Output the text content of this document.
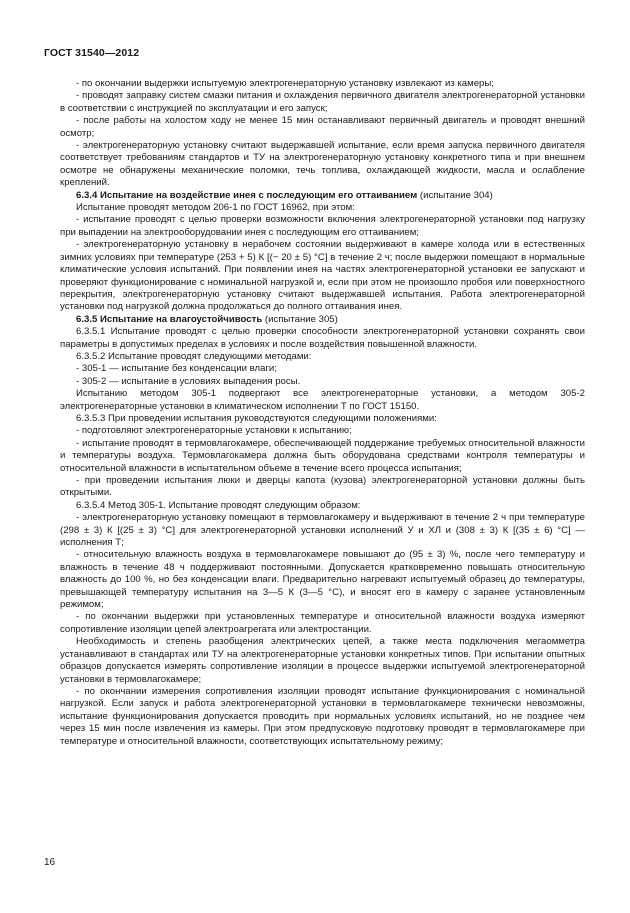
ГОСТ 31540—2012

- по окончании выдержки испытуемую электрогенераторную установку извлекают из камеры;

- проводят заправку систем смазки питания и охлаждения первичного двигателя электрогенераторной установки в соответствии с инструкцией по эксплуатации и его запуск;

- после работы на холостом ходу не менее 15 мин останавливают первичный двигатель и проводят внешний осмотр;

- электрогенераторную установку считают выдержавшей испытание, если время запуска первичного двигателя соответствует требованиям стандартов и ТУ на электрогенераторную установку конкретного типа и при внешнем осмотре не обнаружены механические поломки, течь топлива, охлаждающей жидкости, масла и ослабление креплений.

6.3.4 Испытание на воздействие инея с последующим его оттаиванием (испытание 304)

Испытание проводят методом 206-1 по ГОСТ 16962, при этом:

- испытание проводят с целью проверки возможности включения электрогенераторной установки под нагрузку при выпадении на электрооборудовании инея с последующим его оттаиванием;

- электрогенераторную установку в нерабочем состоянии выдерживают в камере холода или в естественных зимних условиях при температуре (253 + 5) К [(− 20 ± 5) °С] в течение 2 ч; после выдержки помещают в нормальные климатические условия испытаний. При появлении инея на частях электрогенераторной установки ее запускают и проверяют функционирование с номинальной нагрузкой и, если при этом не произошло пробоя или поверхностного перекрытия, электрогенераторную установку считают выдержавшей испытания. Работа электрогенераторной установки под нагрузкой должна продолжаться до полного оттаивания инея.

6.3.5 Испытание на влагоустойчивость (испытание 305)

6.3.5.1 Испытание проводят с целью проверки способности электрогенераторной установки сохранять свои параметры в допустимых пределах в условиях и после воздействия повышенной влажности.

6.3.5.2 Испытание проводят следующими методами:

- 305-1 — испытание без конденсации влаги;

- 305-2 — испытание в условиях выпадения росы.

Испытанию методом 305-1 подвергают все электрогенераторные установки, а методом 305-2 электрогенераторные установки в климатическом исполнении Т по ГОСТ 15150.

6.3.5.3 При проведении испытания руководствуются следующими положениями:

- подготовляют электрогенераторные установки к испытанию;

- испытание проводят в термовлагокамере, обеспечивающей поддержание требуемых относительной влажности и температуры воздуха. Термовлагокамера должна быть оборудована средствами контроля температуры и относительной влажности в испытательном объеме в течение всего процесса испытания;

- при проведении испытания люки и дверцы капота (кузова) электрогенераторной установки должны быть открытыми.

6.3.5.4 Метод 305-1. Испытание проводят следующим образом:

- электрогенераторную установку помещают в термовлагокамеру и выдерживают в течение 2 ч при температуре (298 ± 3) К [(25 ± 3) °С] для электрогенераторной установки исполнений У и ХЛ и (308 ± 3) К [(35 ± 6) °С] — исполнения Т;

- относительную влажность воздуха в термовлагокамере повышают до (95 ± 3) %, после чего температуру и влажность в течение 48 ч поддерживают постоянными. Допускается кратковременно повышать относительную влажность до 100 %, но без конденсации влаги. Предварительно нагревают испытуемый образец до температуры, превышающей температуру испытания на 3—5 К (3—5 °С), и вносят его в камеру с заранее установленным режимом;

- по окончании выдержки при установленных температуре и относительной влажности воздуха измеряют сопротивление изоляции цепей электроагрегата или электростанции.

Необходимость и степень разобщения электрических цепей, а также места подключения мегаомметра устанавливают в стандартах или ТУ на электрогенераторные установки конкретных типов. При испытании опытных образцов допускается измерять сопротивление изоляции в процессе выдержки испытуемой электрогенераторной установки в термовлагокамере;

- по окончании измерения сопротивления изоляции проводят испытание функционирования с номинальной нагрузкой. Если запуск и работа электрогенераторной установки в термовлагокамере технически невозможны, испытание функционирования допускается проводить при нормальных условиях испытаний, но не позднее чем через 15 мин после извлечения из камеры. При этом предпусковую подготовку проводят в термовлагокамере при температуре и относительной влажности, соответствующих испытательному режиму;

16
